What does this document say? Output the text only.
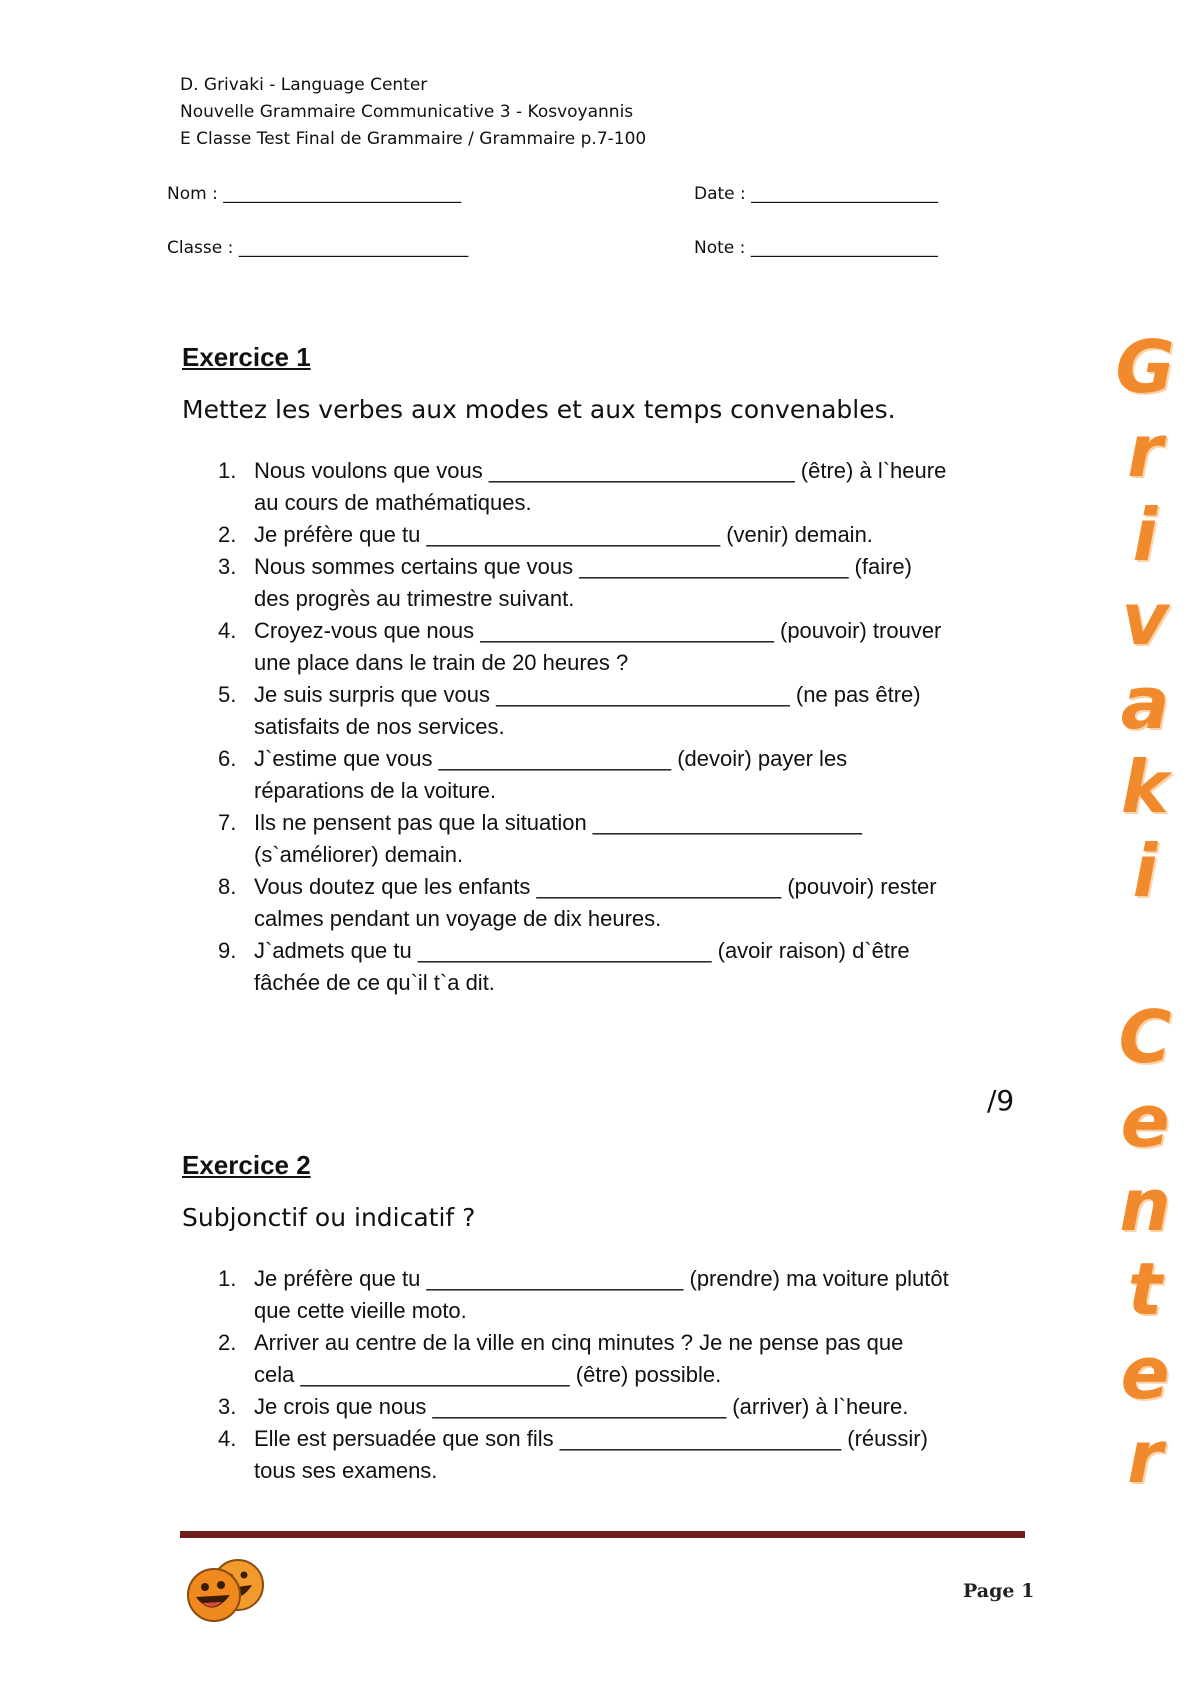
D. Grivaki - Language Center
Nouvelle Grammaire Communicative 3 - Kosvoyannis
E Classe Test Final de Grammaire / Grammaire p.7-100
Nom : ____________________________	Date : ______________________
Classe : ___________________________	Note : ______________________
Exercice 1
Mettez les verbes aux modes et aux temps convenables.
1. Nous voulons que vous _________________________ (être) à l`heure
au cours de mathématiques.
2. Je préfère que tu ________________________ (venir) demain.
3. Nous sommes certains que vous ______________________ (faire)
des progrès au trimestre suivant.
4. Croyez-vous que nous ________________________ (pouvoir) trouver
une place dans le train de 20 heures ?
5. Je suis surpris que vous ________________________ (ne pas être)
satisfaits de nos services.
6. J`estime que vous ___________________ (devoir) payer les
réparations de la voiture.
7. Ils ne pensent pas que la situation ______________________
(s`améliorer) demain.
8. Vous doutez que les enfants ____________________ (pouvoir) rester
calmes pendant un voyage de dix heures.
9. J`admets que tu ________________________ (avoir raison) d`être
fâchée de ce qu`il t`a dit.
/9
Exercice 2
Subjonctif ou indicatif ?
1. Je préfère que tu _____________________ (prendre) ma voiture plutôt
que cette vieille moto.
2. Arriver au centre de la ville en cinq minutes ? Je ne pense pas que
cela ______________________ (être) possible.
3. Je crois que nous ________________________ (arriver) à l`heure.
4. Elle est persuadée que son fils _______________________ (réussir)
tous ses examens.
G
r
i
v
a
k
i
C
e
n
t
e
r
Page 1
